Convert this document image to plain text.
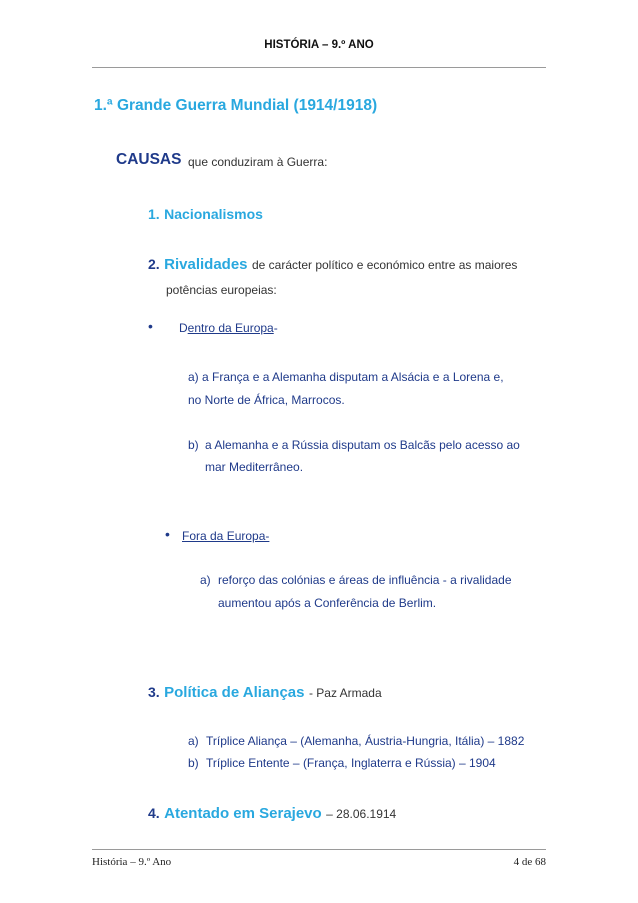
HISTÓRIA – 9.º ANO
1.ª Grande Guerra Mundial (1914/1918)
CAUSAS que conduziram à Guerra:
1. Nacionalismos
2. Rivalidades de carácter político e económico entre as maiores
potências europeias:
• Dentro da Europa-
a) a França e a Alemanha disputam a Alsácia e a Lorena e,
no Norte de África, Marrocos.
b) a Alemanha e a Rússia disputam os Balcãs pelo acesso ao
mar Mediterrâneo.
• Fora da Europa-
a) reforço das colónias e áreas de influência - a rivalidade
aumentou após a Conferência de Berlim.
3. Política de Alianças - Paz Armada
a) Tríplice Aliança – (Alemanha, Áustria-Hungria, Itália) – 1882
b) Tríplice Entente – (França, Inglaterra e Rússia) – 1904
4. Atentado em Serajevo – 28.06.1914
História – 9.º Ano	4 de 68
